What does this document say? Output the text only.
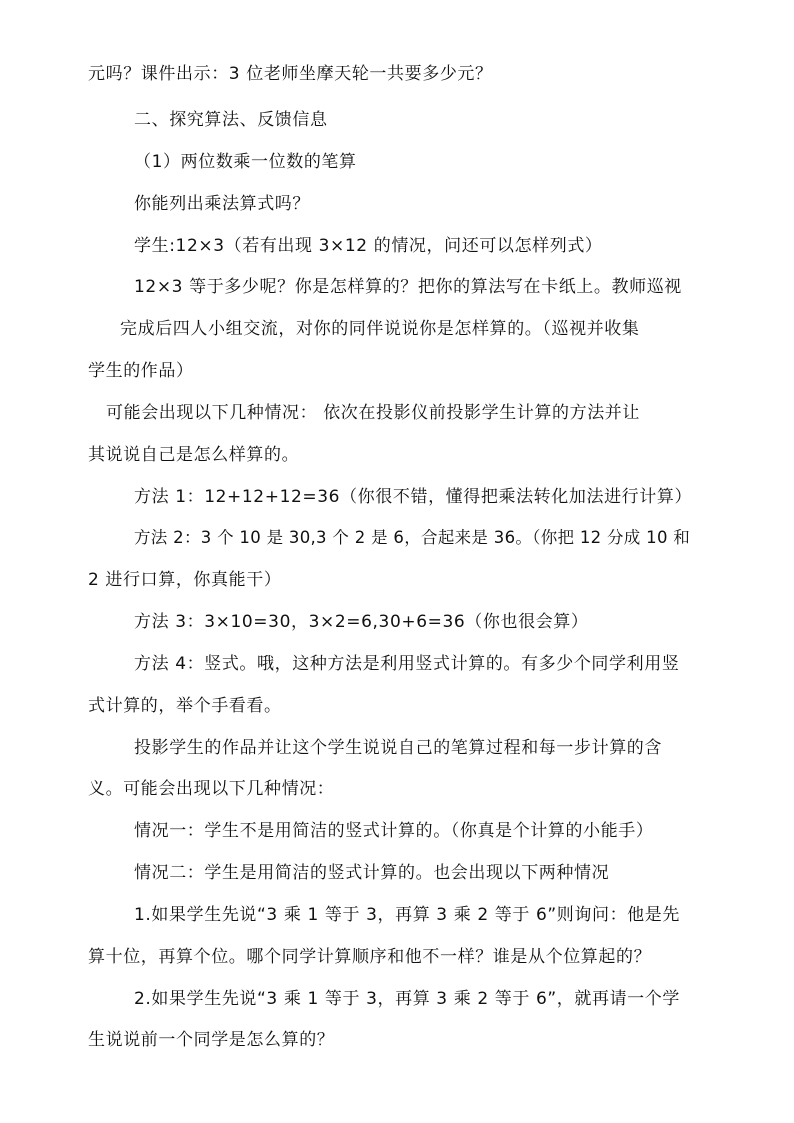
元吗？课件出示：3 位老师坐摩天轮一共要多少元？
二、探究算法、反馈信息
（1）两位数乘一位数的笔算
你能列出乘法算式吗？
学生:12×3（若有出现 3×12 的情况，问还可以怎样列式）
12×3 等于多少呢？你是怎样算的？把你的算法写在卡纸上。教师巡视
完成后四人小组交流，对你的同伴说说你是怎样算的。（巡视并收集
学生的作品）
可能会出现以下几种情况： 依次在投影仪前投影学生计算的方法并让
其说说自己是怎么样算的。
方法 1：12+12+12=36（你很不错，懂得把乘法转化加法进行计算）
方法 2：3 个 10 是 30,3 个 2 是 6，合起来是 36。（你把 12 分成 10 和
2 进行口算，你真能干）
方法 3：3×10=30，3×2=6,30+6=36（你也很会算）
方法 4：竖式。哦，这种方法是利用竖式计算的。有多少个同学利用竖
式计算的，举个手看看。
投影学生的作品并让这个学生说说自己的笔算过程和每一步计算的含
义。可能会出现以下几种情况：
情况一：学生不是用简洁的竖式计算的。（你真是个计算的小能手）
情况二：学生是用简洁的竖式计算的。也会出现以下两种情况
1.如果学生先说“3 乘 1 等于 3，再算 3 乘 2 等于 6”则询问：他是先
算十位，再算个位。哪个同学计算顺序和他不一样？谁是从个位算起的？
2.如果学生先说“3 乘 1 等于 3，再算 3 乘 2 等于 6”，就再请一个学
生说说前一个同学是怎么算的？
